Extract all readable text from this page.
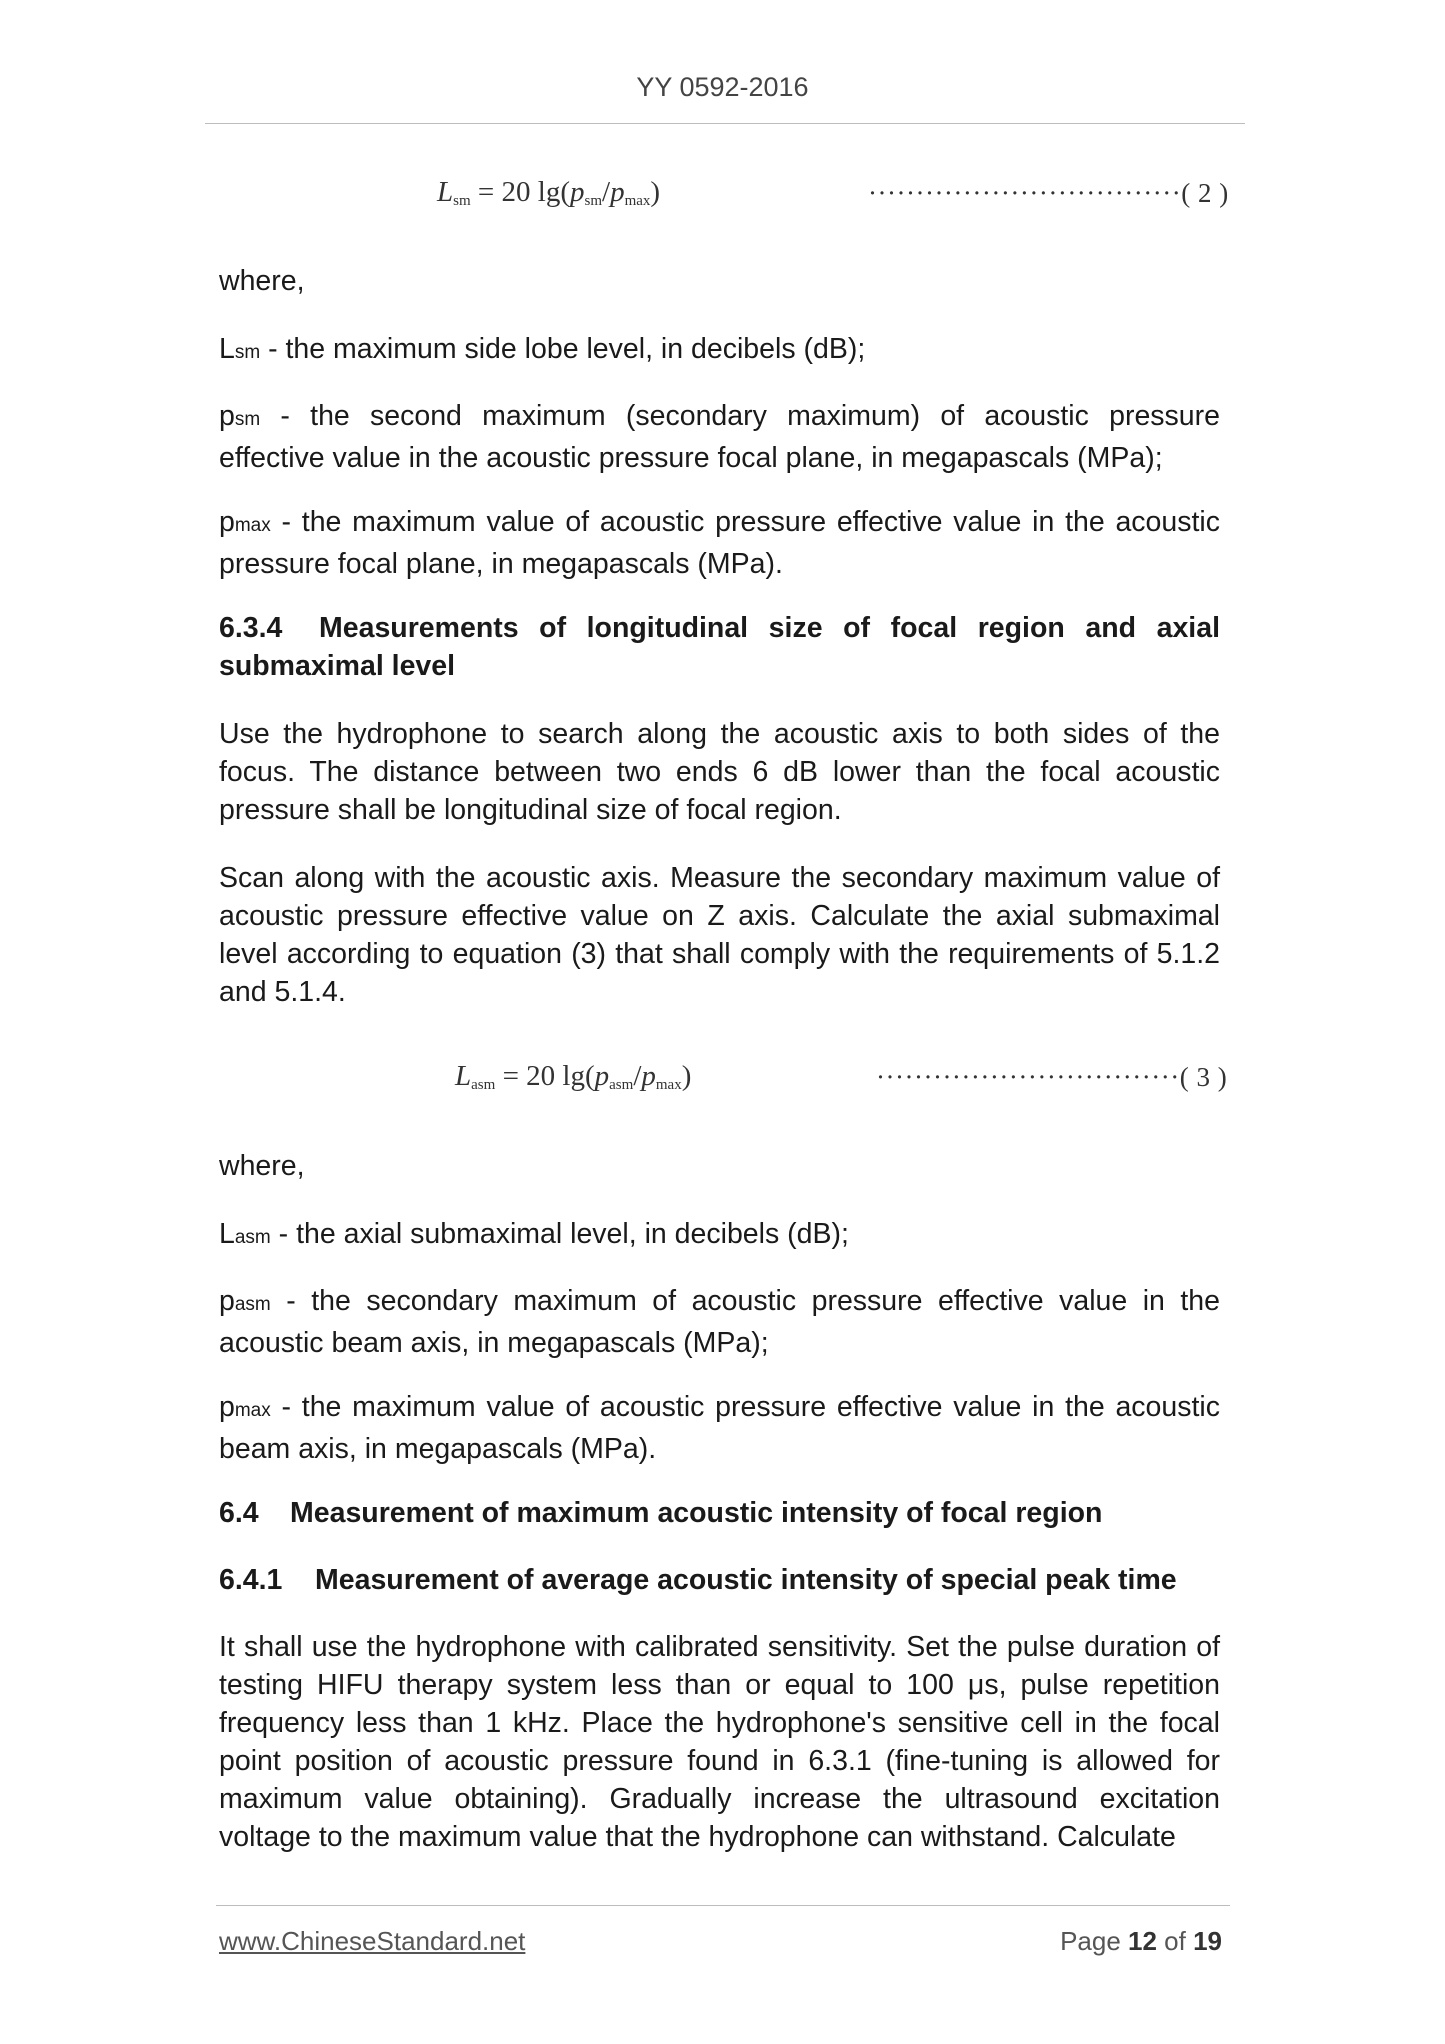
YY 0592-2016
$L_{sm} = 20$ $\lg(p_{sm}/p_{max})$	·································( 2 )
where,
Lsm - the maximum side lobe level, in decibels (dB);
psm - the second maximum (secondary maximum) of acoustic pressure effective value in the acoustic pressure focal plane, in megapascals (MPa);
pmax - the maximum value of acoustic pressure effective value in the acoustic pressure focal plane, in megapascals (MPa).
6.3.4 Measurements of longitudinal size of focal region and axial submaximal level
Use the hydrophone to search along the acoustic axis to both sides of the focus. The distance between two ends 6 dB lower than the focal acoustic pressure shall be longitudinal size of focal region.
Scan along with the acoustic axis. Measure the secondary maximum value of acoustic pressure effective value on Z axis. Calculate the axial submaximal level according to equation (3) that shall comply with the requirements of 5.1.2 and 5.1.4.
$L_{asm} = 20$ $\lg(p_{asm}/p_{max})$	································( 3 )
where,
Lasm - the axial submaximal level, in decibels (dB);
pasm - the secondary maximum of acoustic pressure effective value in the acoustic beam axis, in megapascals (MPa);
pmax - the maximum value of acoustic pressure effective value in the acoustic beam axis, in megapascals (MPa).
6.4 Measurement of maximum acoustic intensity of focal region
6.4.1 Measurement of average acoustic intensity of special peak time
It shall use the hydrophone with calibrated sensitivity. Set the pulse duration of testing HIFU therapy system less than or equal to 100 μs, pulse repetition frequency less than 1 kHz. Place the hydrophone's sensitive cell in the focal point position of acoustic pressure found in 6.3.1 (fine-tuning is allowed for maximum value obtaining). Gradually increase the ultrasound excitation voltage to the maximum value that the hydrophone can withstand. Calculate
www.ChineseStandard.net	Page 12 of 19
